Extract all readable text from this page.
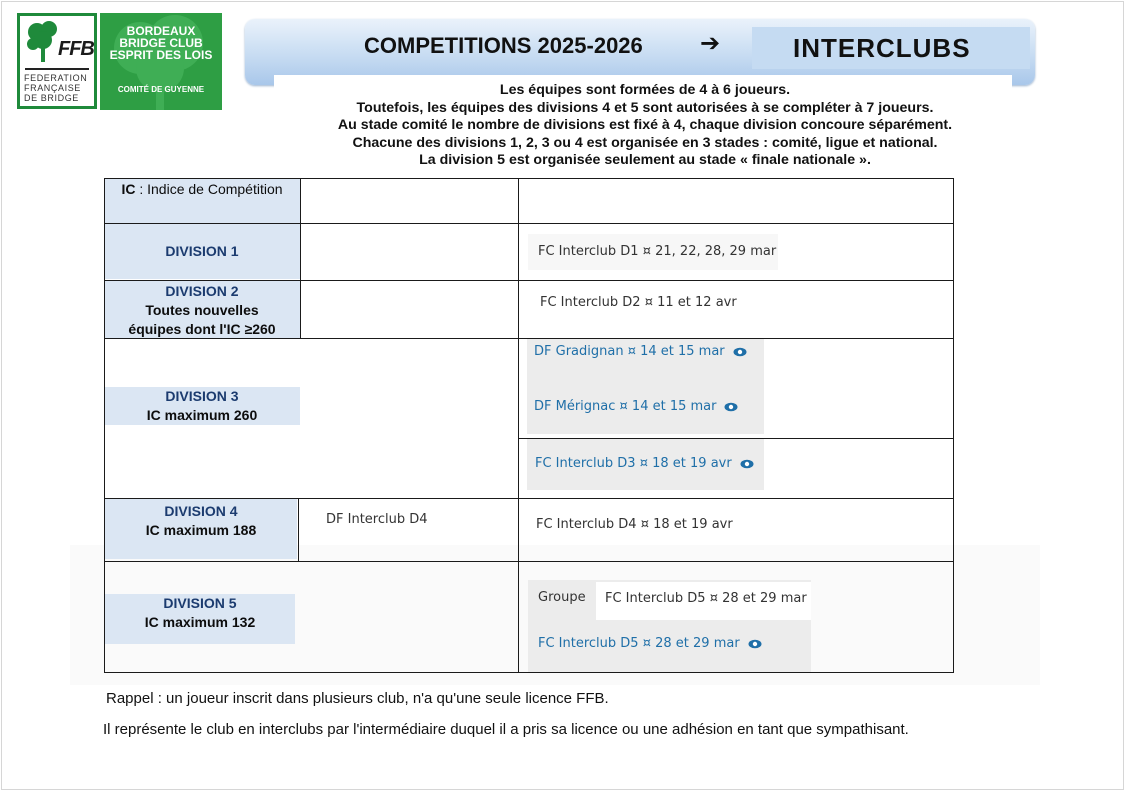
FFB
FEDERATION
FRANÇAISE
DE BRIDGE
BORDEAUX
BRIDGE CLUB
ESPRIT DES LOIS
COMITÉ DE GUYENNE
COMPETITIONS 2025-2026 ➔	INTERCLUBS
Les équipes sont formées de 4 à 6 joueurs.
Toutefois, les équipes des divisions 4 et 5 sont autorisées à se compléter à 7 joueurs.
Au stade comité le nombre de divisions est fixé à 4, chaque division concoure séparément.
Chacune des divisions 1, 2, 3 ou 4 est organisée en 3 stades : comité, ligue et national.
La division 5 est organisée seulement au stade « finale nationale ».
IC : Indice de Compétition
DIVISION 1
DIVISION 2
Toutes nouvelles
équipes dont l'IC ≥260
DIVISION 3
IC maximum 260
DIVISION 4
IC maximum 188
DIVISION 5
IC maximum 132
FC Interclub D1 ¤ 21, 22, 28, 29 mar
FC Interclub D2 ¤ 11 et 12 avr
DF Gradignan ¤ 14 et 15 mar
DF Mérignac ¤ 14 et 15 mar
FC Interclub D3 ¤ 18 et 19 avr
DF Interclub D4	FC Interclub D4 ¤ 18 et 19 avr
Groupe FC Interclub D5 ¤ 28 et 29 mar
FC Interclub D5 ¤ 28 et 29 mar
Rappel : un joueur inscrit dans plusieurs club, n'a qu'une seule licence FFB.
Il représente le club en interclubs par l'intermédiaire duquel il a pris sa licence ou une adhésion en tant que sympathisant.
